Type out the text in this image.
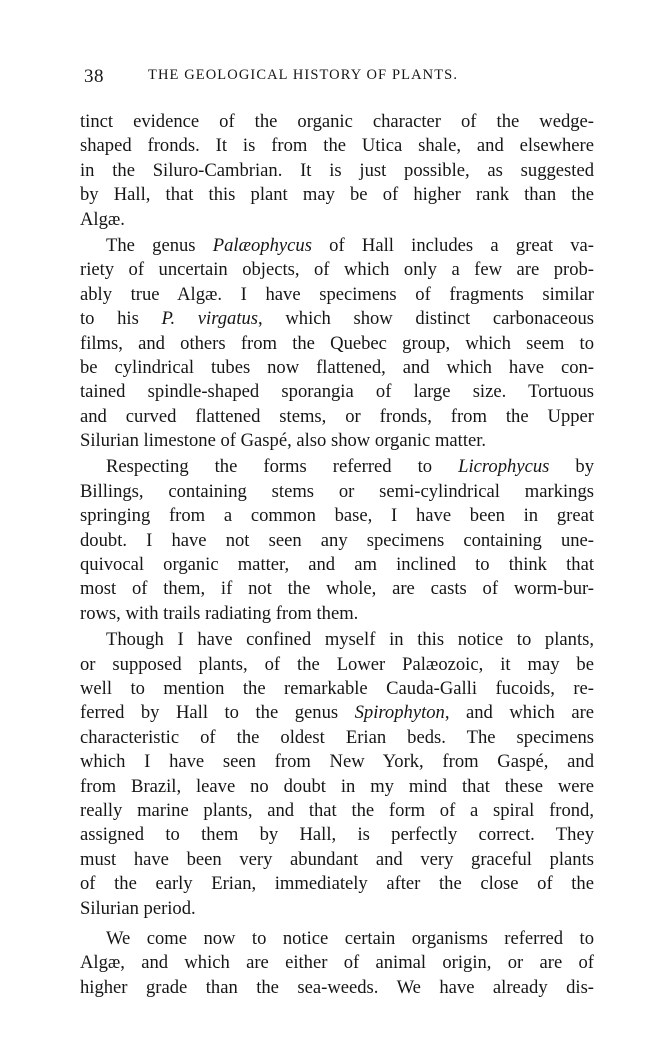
38	THE GEOLOGICAL HISTORY OF PLANTS.
tinct evidence of the organic character of the wedge-
shaped fronds. It is from the Utica shale, and elsewhere
in the Siluro-Cambrian. It is just possible, as suggested
by Hall, that this plant may be of higher rank than the
Algæ.
The genus Palæophycus of Hall includes a great va-
riety of uncertain objects, of which only a few are prob-
ably true Algæ. I have specimens of fragments similar
to his P. virgatus, which show distinct carbonaceous
films, and others from the Quebec group, which seem to
be cylindrical tubes now flattened, and which have con-
tained spindle-shaped sporangia of large size. Tortuous
and curved flattened stems, or fronds, from the Upper
Silurian limestone of Gaspé, also show organic matter.
Respecting the forms referred to Licrophycus by
Billings, containing stems or semi-cylindrical markings
springing from a common base, I have been in great
doubt. I have not seen any specimens containing une-
quivocal organic matter, and am inclined to think that
most of them, if not the whole, are casts of worm-bur-
rows, with trails radiating from them.
Though I have confined myself in this notice to plants,
or supposed plants, of the Lower Palæozoic, it may be
well to mention the remarkable Cauda-Galli fucoids, re-
ferred by Hall to the genus Spirophyton, and which are
characteristic of the oldest Erian beds. The specimens
which I have seen from New York, from Gaspé, and
from Brazil, leave no doubt in my mind that these were
really marine plants, and that the form of a spiral frond,
assigned to them by Hall, is perfectly correct. They
must have been very abundant and very graceful plants
of the early Erian, immediately after the close of the
Silurian period.
We come now to notice certain organisms referred to
Algæ, and which are either of animal origin, or are of
higher grade than the sea-weeds. We have already dis-
